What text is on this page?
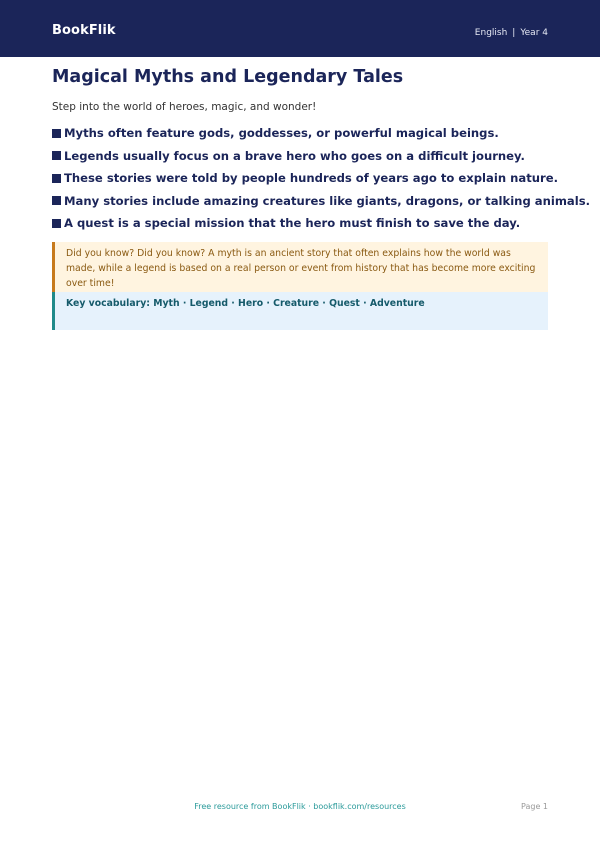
BookFlik	English | Year 4
Magical Myths and Legendary Tales

Step into the world of heroes, magic, and wonder!

Myths often feature gods, goddesses, or powerful magical beings.
Legends usually focus on a brave hero who goes on a difficult journey.
These stories were told by people hundreds of years ago to explain nature.
Many stories include amazing creatures like giants, dragons, or talking animals.
A quest is a special mission that the hero must finish to save the day.
Did you know? Did you know? A myth is an ancient story that often explains how the world was made, while a legend is based on a real person or event from history that has become more exciting over time!
Key vocabulary: Myth · Legend · Hero · Creature · Quest · Adventure
Free resource from BookFlik · bookflik.com/resources	Page 1
